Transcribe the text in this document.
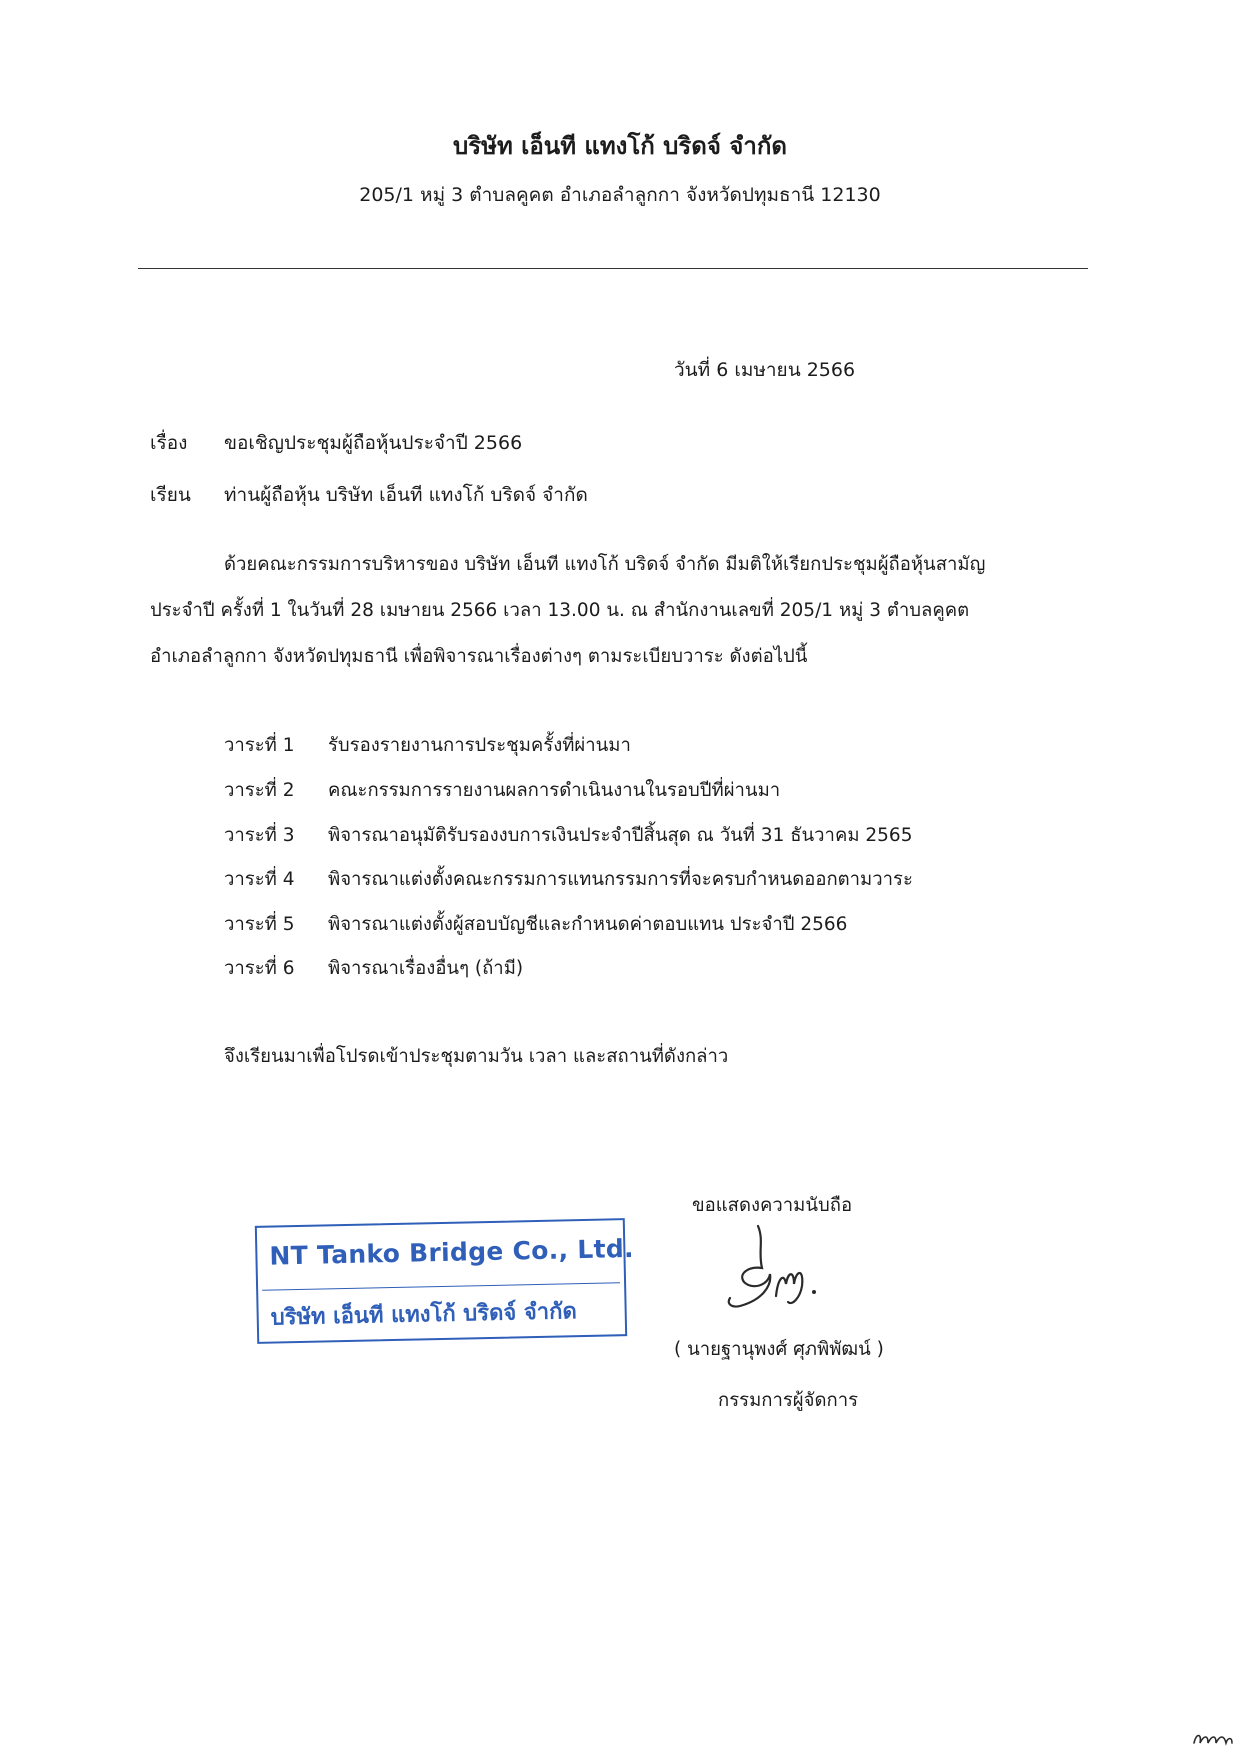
บริษัท เอ็นที แทงโก้ บริดจ์ จำกัด
205/1 หมู่ 3 ตำบลคูคต อำเภอลำลูกกา จังหวัดปทุมธานี 12130
วันที่ 6 เมษายน 2566
เรื่อง ขอเชิญประชุมผู้ถือหุ้นประจำปี 2566
เรียน ท่านผู้ถือหุ้น บริษัท เอ็นที แทงโก้ บริดจ์ จำกัด
ด้วยคณะกรรมการบริหารของ บริษัท เอ็นที แทงโก้ บริดจ์ จำกัด มีมติให้เรียกประชุมผู้ถือหุ้นสามัญ
ประจำปี ครั้งที่ 1 ในวันที่ 28 เมษายน 2566 เวลา 13.00 น. ณ สำนักงานเลขที่ 205/1 หมู่ 3 ตำบลคูคต
อำเภอลำลูกกา จังหวัดปทุมธานี เพื่อพิจารณาเรื่องต่างๆ ตามระเบียบวาระ ดังต่อไปนี้
วาระที่ 1 รับรองรายงานการประชุมครั้งที่ผ่านมา
วาระที่ 2 คณะกรรมการรายงานผลการดำเนินงานในรอบปีที่ผ่านมา
วาระที่ 3 พิจารณาอนุมัติรับรองงบการเงินประจำปีสิ้นสุด ณ วันที่ 31 ธันวาคม 2565
วาระที่ 4 พิจารณาแต่งตั้งคณะกรรมการแทนกรรมการที่จะครบกำหนดออกตามวาระ
วาระที่ 5 พิจารณาแต่งตั้งผู้สอบบัญชีและกำหนดค่าตอบแทน ประจำปี 2566
วาระที่ 6 พิจารณาเรื่องอื่นๆ (ถ้ามี)
จึงเรียนมาเพื่อโปรดเข้าประชุมตามวัน เวลา และสถานที่ดังกล่าว
ขอแสดงความนับถือ
( นายฐานุพงศ์ ศุภพิพัฒน์ )
กรรมการผู้จัดการ
NT Tanko Bridge Co., Ltd.
บริษัท เอ็นที แทงโก้ บริดจ์ จำกัด
